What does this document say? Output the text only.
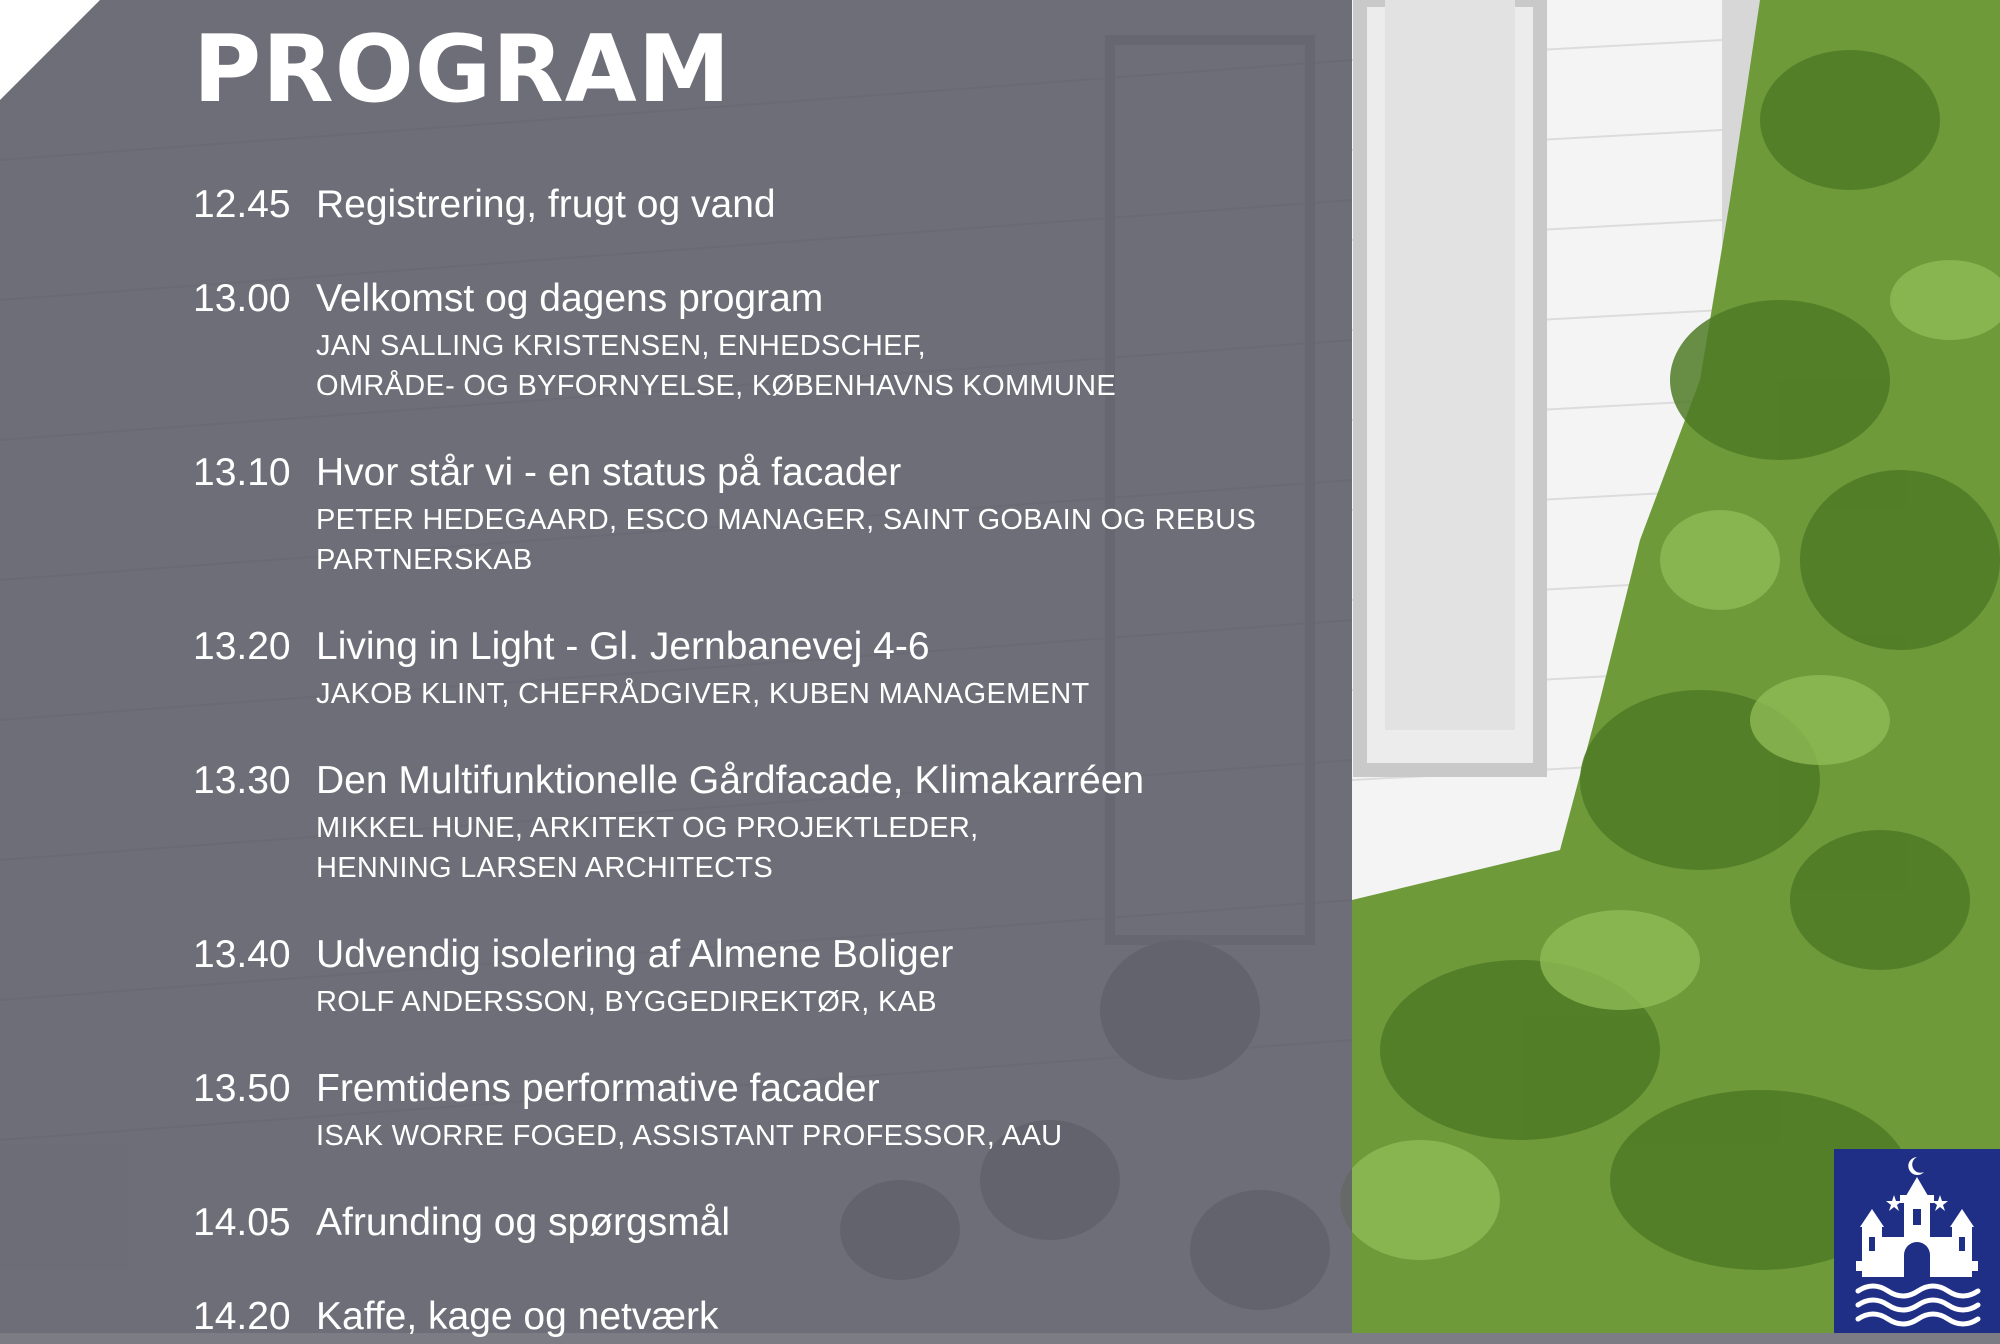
PROGRAM
12.45 Registrering, frugt og vand
13.00 Velkomst og dagens program
JAN SALLING KRISTENSEN, ENHEDSCHEF,
OMRÅDE- OG BYFORNYELSE, KØBENHAVNS KOMMUNE
13.10 Hvor står vi - en status på facader
PETER HEDEGAARD, ESCO MANAGER, SAINT GOBAIN OG REBUS
PARTNERSKAB
13.20 Living in Light - Gl. Jernbanevej 4-6
JAKOB KLINT, CHEFRÅDGIVER, KUBEN MANAGEMENT
13.30 Den Multifunktionelle Gårdfacade, Klimakarréen
MIKKEL HUNE, ARKITEKT OG PROJEKTLEDER,
HENNING LARSEN ARCHITECTS
13.40 Udvendig isolering af Almene Boliger
ROLF ANDERSSON, BYGGEDIREKTØR, KAB
13.50 Fremtidens performative facader
ISAK WORRE FOGED, ASSISTANT PROFESSOR, AAU
14.05 Afrunding og spørgsmål
14.20 Kaffe, kage og netværk
